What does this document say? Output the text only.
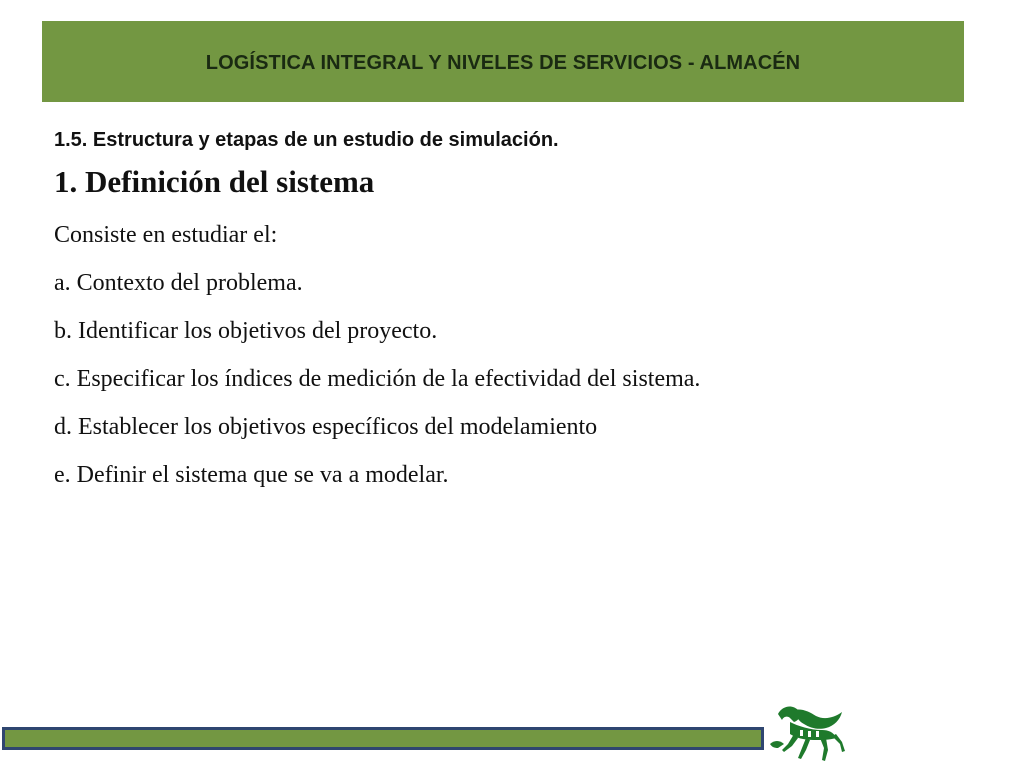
LOGÍSTICA INTEGRAL Y NIVELES DE SERVICIOS - ALMACÉN
1.5. Estructura y etapas de un estudio de simulación.
1. Definición del sistema
Consiste en estudiar el:
a. Contexto del problema.
b. Identificar los objetivos del proyecto.
c. Especificar los índices de medición de la efectividad del sistema.
d. Establecer los objetivos específicos del modelamiento
e. Definir el sistema que se va a modelar.
